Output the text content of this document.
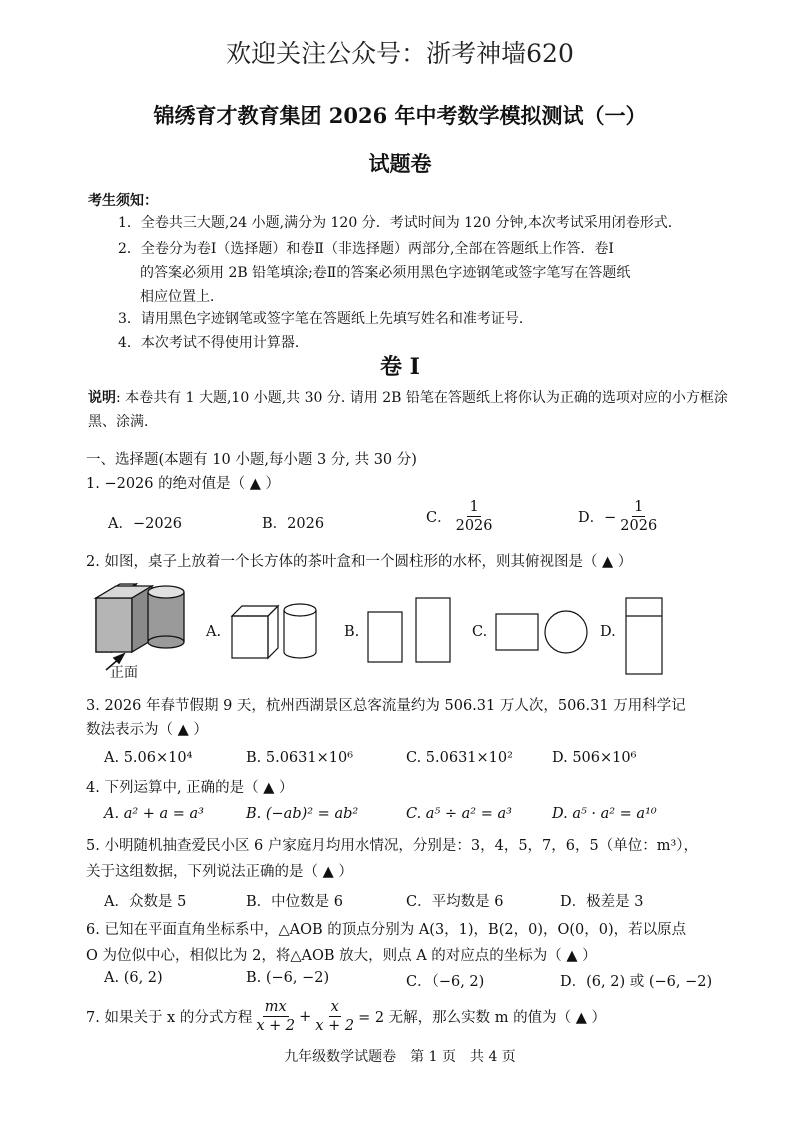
欢迎关注公众号：浙考神墙620
锦绣育才教育集团 2026 年中考数学模拟测试（一）
试题卷
考生须知：
1．全卷共三大题,24 小题,满分为 120 分．考试时间为 120 分钟,本次考试采用闭卷形式．
2．全卷分为卷Ⅰ（选择题）和卷Ⅱ（非选择题）两部分,全部在答题纸上作答．卷Ⅰ
的答案必须用 2B 铅笔填涂;卷Ⅱ的答案必须用黑色字迹钢笔或签字笔写在答题纸
相应位置上．
3．请用黑色字迹钢笔或签字笔在答题纸上先填写姓名和准考证号．
4．本次考试不得使用计算器．
卷 Ⅰ
说明: 本卷共有 1 大题,10 小题,共 30 分. 请用 2B 铅笔在答题纸上将你认为正确的选项对应的小方框涂黑、涂满.
一、选择题(本题有 10 小题,每小题 3 分, 共 30 分)
1. −2026 的绝对值是（ ▲ ）
A．−2026	B．2026	C． $\frac{1}{2026}$	D．− $\frac{1}{2026}$
2. 如图，桌子上放着一个长方体的茶叶盒和一个圆柱形的水杯，则其俯视图是（ ▲ ）
A.	B.	C.	D.
正面
3. 2026 年春节假期 9 天，杭州西湖景区总客流量约为 506.31 万人次，506.31 万用科学记
数法表示为（ ▲ ）
A. 5.06×10⁴	B. 5.0631×10⁶	C. 5.0631×10²	D. 506×10⁶
4. 下列运算中, 正确的是（ ▲ ）
A. a² + a = a³	B. (−ab)² = ab²	C. a⁵ ÷ a² = a³	D. a⁵ · a² = a¹⁰
5. 小明随机抽查爱民小区 6 户家庭月均用水情况，分别是：3，4，5，7，6，5（单位：m³），
关于这组数据，下列说法正确的是（ ▲ ）
A．众数是 5	B．中位数是 6	C．平均数是 6	D．极差是 3
6. 已知在平面直角坐标系中，△AOB 的顶点分别为 A(3，1)，B(2，0)，O(0，0)，若以原点
O 为位似中心，相似比为 2，将△AOB 放大，则点 A 的对应点的坐标为（ ▲ ）
A. (6, 2)	B. (−6, −2)	C．（−6, 2)	D．(6, 2) 或 (−6, −2)
7. 如果关于 x 的分式方程 $\frac{mx}{x + 2} + \frac{x}{x + 2} = 2$ 无解，那么实数 m 的值为（ ▲ ）
九年级数学试题卷　第 1 页　共 4 页
